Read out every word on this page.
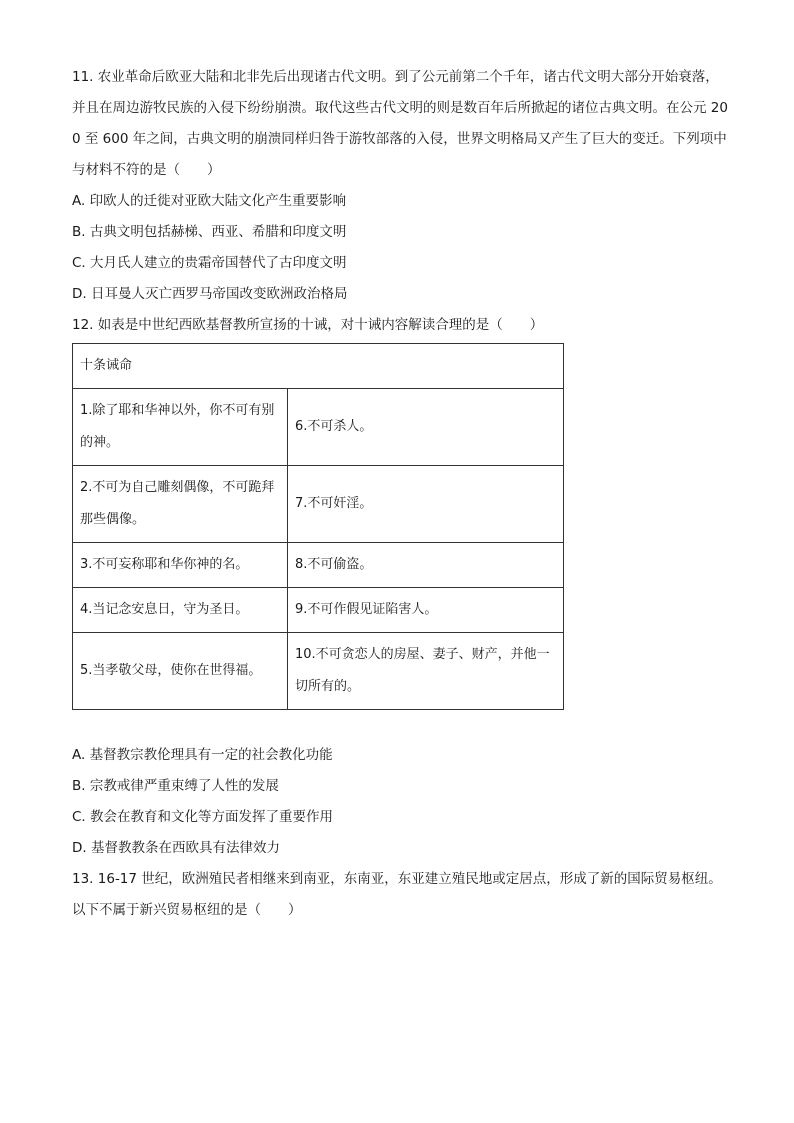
11. 农业革命后欧亚大陆和北非先后出现诸古代文明。到了公元前第二个千年，诸古代文明大部分开始衰落，并且在周边游牧民族的入侵下纷纷崩溃。取代这些古代文明的则是数百年后所掀起的诸位古典文明。在公元 200 至 600 年之间，古典文明的崩溃同样归咎于游牧部落的入侵，世界文明格局又产生了巨大的变迁。下列项中与材料不符的是（　　）

A. 印欧人的迁徙对亚欧大陆文化产生重要影响

B. 古典文明包括赫梯、西亚、希腊和印度文明

C. 大月氏人建立的贵霜帝国替代了古印度文明

D. 日耳曼人灭亡西罗马帝国改变欧洲政治格局

12. 如表是中世纪西欧基督教所宣扬的十诫，对十诫内容解读合理的是（　　）

十条诫命	
1.除了耶和华神以外，你不可有别的神。	6.不可杀人。
2.不可为自己雕刻偶像，不可跪拜那些偶像。	7.不可奸淫。
3.不可妄称耶和华你神的名。	8.不可偷盗。
4.当记念安息日，守为圣日。	9.不可作假见证陷害人。
5.当孝敬父母，使你在世得福。	10.不可贪恋人的房屋、妻子、财产，并他一切所有的。

A. 基督教宗教伦理具有一定的社会教化功能

B. 宗教戒律严重束缚了人性的发展

C. 教会在教育和文化等方面发挥了重要作用

D. 基督教教条在西欧具有法律效力

13. 16-17 世纪，欧洲殖民者相继来到南亚，东南亚，东亚建立殖民地或定居点，形成了新的国际贸易枢纽。以下不属于新兴贸易枢纽的是（　　）
